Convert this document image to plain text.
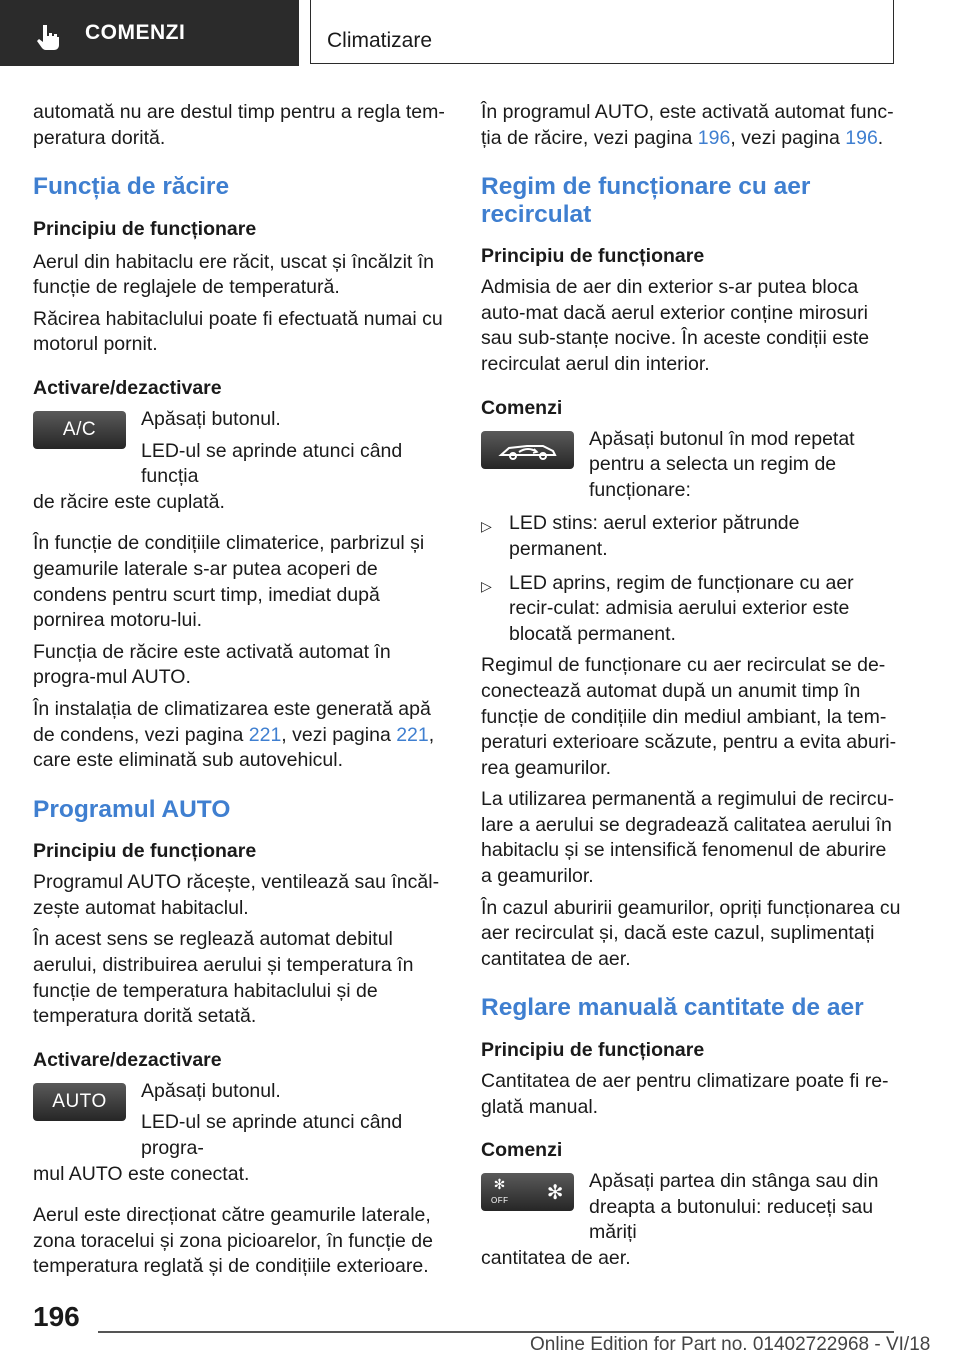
COMENZI	Climatizare

automată nu are destul timp pentru a regla tem-
peratura dorită.

Funcția de răcire
Principiu de funcționare

Aerul din habitaclu ere răcit, uscat și încălzit în funcție de reglajele de temperatură.

Răcirea habitaclului poate fi efectuată numai cu motorul pornit.

Activare/dezactivare
A/C Apăsați butonul.

LED-ul se aprinde atunci când funcția

de răcire este cuplată.

În funcție de condițiile climaterice, parbrizul și geamurile laterale s-ar putea acoperi de condens pentru scurt timp, imediat după pornirea motoru-lui.

Funcția de răcire este activată automat în progra-mul AUTO.

În instalația de climatizarea este generată apă de condens, vezi pagina 221, vezi pagina 221, care este eliminată sub autovehicul.

Programul AUTO
Principiu de funcționare

Programul AUTO răcește, ventilează sau încăl-zește automat habitaclul.

În acest sens se reglează automat debitul aerului, distribuirea aerului și temperatura în funcție de temperatura habitaclului și de temperatura dorită setată.

Activare/dezactivare
AUTO Apăsați butonul.

LED-ul se aprinde atunci când progra-

mul AUTO este conectat.

Aerul este direcționat către geamurile laterale, zona toracelui și zona picioarelor, în funcție de temperatura reglată și de condițiile exterioare.

În programul AUTO, este activată automat func-ția de răcire, vezi pagina 196, vezi pagina 196.

Regim de funcționare cu aer recirculat
Principiu de funcționare

Admisia de aer din exterior s-ar putea bloca auto-mat dacă aerul exterior conține mirosuri sau sub-stanțe nocive. În aceste condiții este recirculat aerul din interior.

Comenzi

Apăsați butonul în mod repetat pentru a selecta un regim de funcționare:

▷ LED stins: aerul exterior pătrunde permanent.

▷ LED aprins, regim de funcționare cu aer recir-culat: admisia aerului exterior este blocată permanent.

Regimul de funcționare cu aer recirculat se de-conectează automat după un anumit timp în funcție de condițiile din mediul ambiant, la tem-peraturi exterioare scăzute, pentru a evita aburi-rea geamurilor.

La utilizarea permanentă a regimului de recircu-lare a aerului se degradează calitatea aerului în habitaclu și se intensifică fenomenul de aburire a geamurilor.

În cazul aburirii geamurilor, opriți funcționarea cu aer recirculat și, dacă este cazul, suplimentați cantitatea de aer.

Reglare manuală cantitate de aer
Principiu de funcționare

Cantitatea de aer pentru climatizare poate fi re-glată manual.

Comenzi
✻
OFF ✻

Apăsați partea din stânga sau din dreapta a butonului: reduceți sau măriți

cantitatea de aer.

196
Online Edition for Part no. 01402722968 - VI/18
